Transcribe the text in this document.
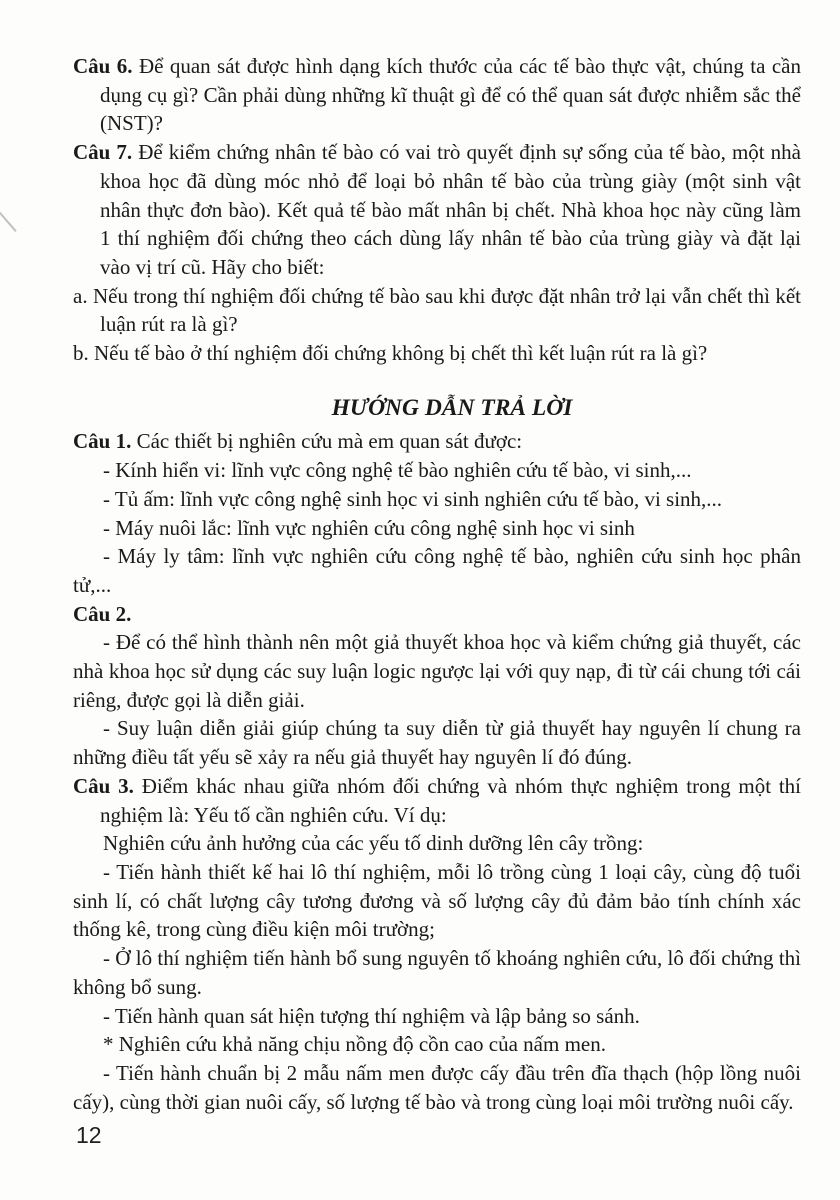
Câu 6. Để quan sát được hình dạng kích thước của các tế bào thực vật, chúng ta cần dụng cụ gì? Cần phải dùng những kĩ thuật gì để có thể quan sát được nhiễm sắc thể (NST)?

Câu 7. Để kiểm chứng nhân tế bào có vai trò quyết định sự sống của tế bào, một nhà khoa học đã dùng móc nhỏ để loại bỏ nhân tế bào của trùng giày (một sinh vật nhân thực đơn bào). Kết quả tế bào mất nhân bị chết. Nhà khoa học này cũng làm 1 thí nghiệm đối chứng theo cách dùng lấy nhân tế bào của trùng giày và đặt lại vào vị trí cũ. Hãy cho biết:

a. Nếu trong thí nghiệm đối chứng tế bào sau khi được đặt nhân trở lại vẫn chết thì kết luận rút ra là gì?

b. Nếu tế bào ở thí nghiệm đối chứng không bị chết thì kết luận rút ra là gì?

HƯỚNG DẪN TRẢ LỜI

Câu 1. Các thiết bị nghiên cứu mà em quan sát được:

- Kính hiển vi: lĩnh vực công nghệ tế bào nghiên cứu tế bào, vi sinh,...

- Tủ ấm: lĩnh vực công nghệ sinh học vi sinh nghiên cứu tế bào, vi sinh,...

- Máy nuôi lắc: lĩnh vực nghiên cứu công nghệ sinh học vi sinh

- Máy ly tâm: lĩnh vực nghiên cứu công nghệ tế bào, nghiên cứu sinh học phân tử,...

Câu 2.

- Để có thể hình thành nên một giả thuyết khoa học và kiểm chứng giả thuyết, các nhà khoa học sử dụng các suy luận logic ngược lại với quy nạp, đi từ cái chung tới cái riêng, được gọi là diễn giải.

- Suy luận diễn giải giúp chúng ta suy diễn từ giả thuyết hay nguyên lí chung ra những điều tất yếu sẽ xảy ra nếu giả thuyết hay nguyên lí đó đúng.

Câu 3. Điểm khác nhau giữa nhóm đối chứng và nhóm thực nghiệm trong một thí nghiệm là: Yếu tố cần nghiên cứu. Ví dụ:

Nghiên cứu ảnh hưởng của các yếu tố dinh dưỡng lên cây trồng:

- Tiến hành thiết kế hai lô thí nghiệm, mỗi lô trồng cùng 1 loại cây, cùng độ tuổi sinh lí, có chất lượng cây tương đương và số lượng cây đủ đảm bảo tính chính xác thống kê, trong cùng điều kiện môi trường;

- Ở lô thí nghiệm tiến hành bổ sung nguyên tố khoáng nghiên cứu, lô đối chứng thì không bổ sung.

- Tiến hành quan sát hiện tượng thí nghiệm và lập bảng so sánh.

* Nghiên cứu khả năng chịu nồng độ cồn cao của nấm men.

- Tiến hành chuẩn bị 2 mẫu nấm men được cấy đầu trên đĩa thạch (hộp lồng nuôi cấy), cùng thời gian nuôi cấy, số lượng tế bào và trong cùng loại môi trường nuôi cấy.

12
